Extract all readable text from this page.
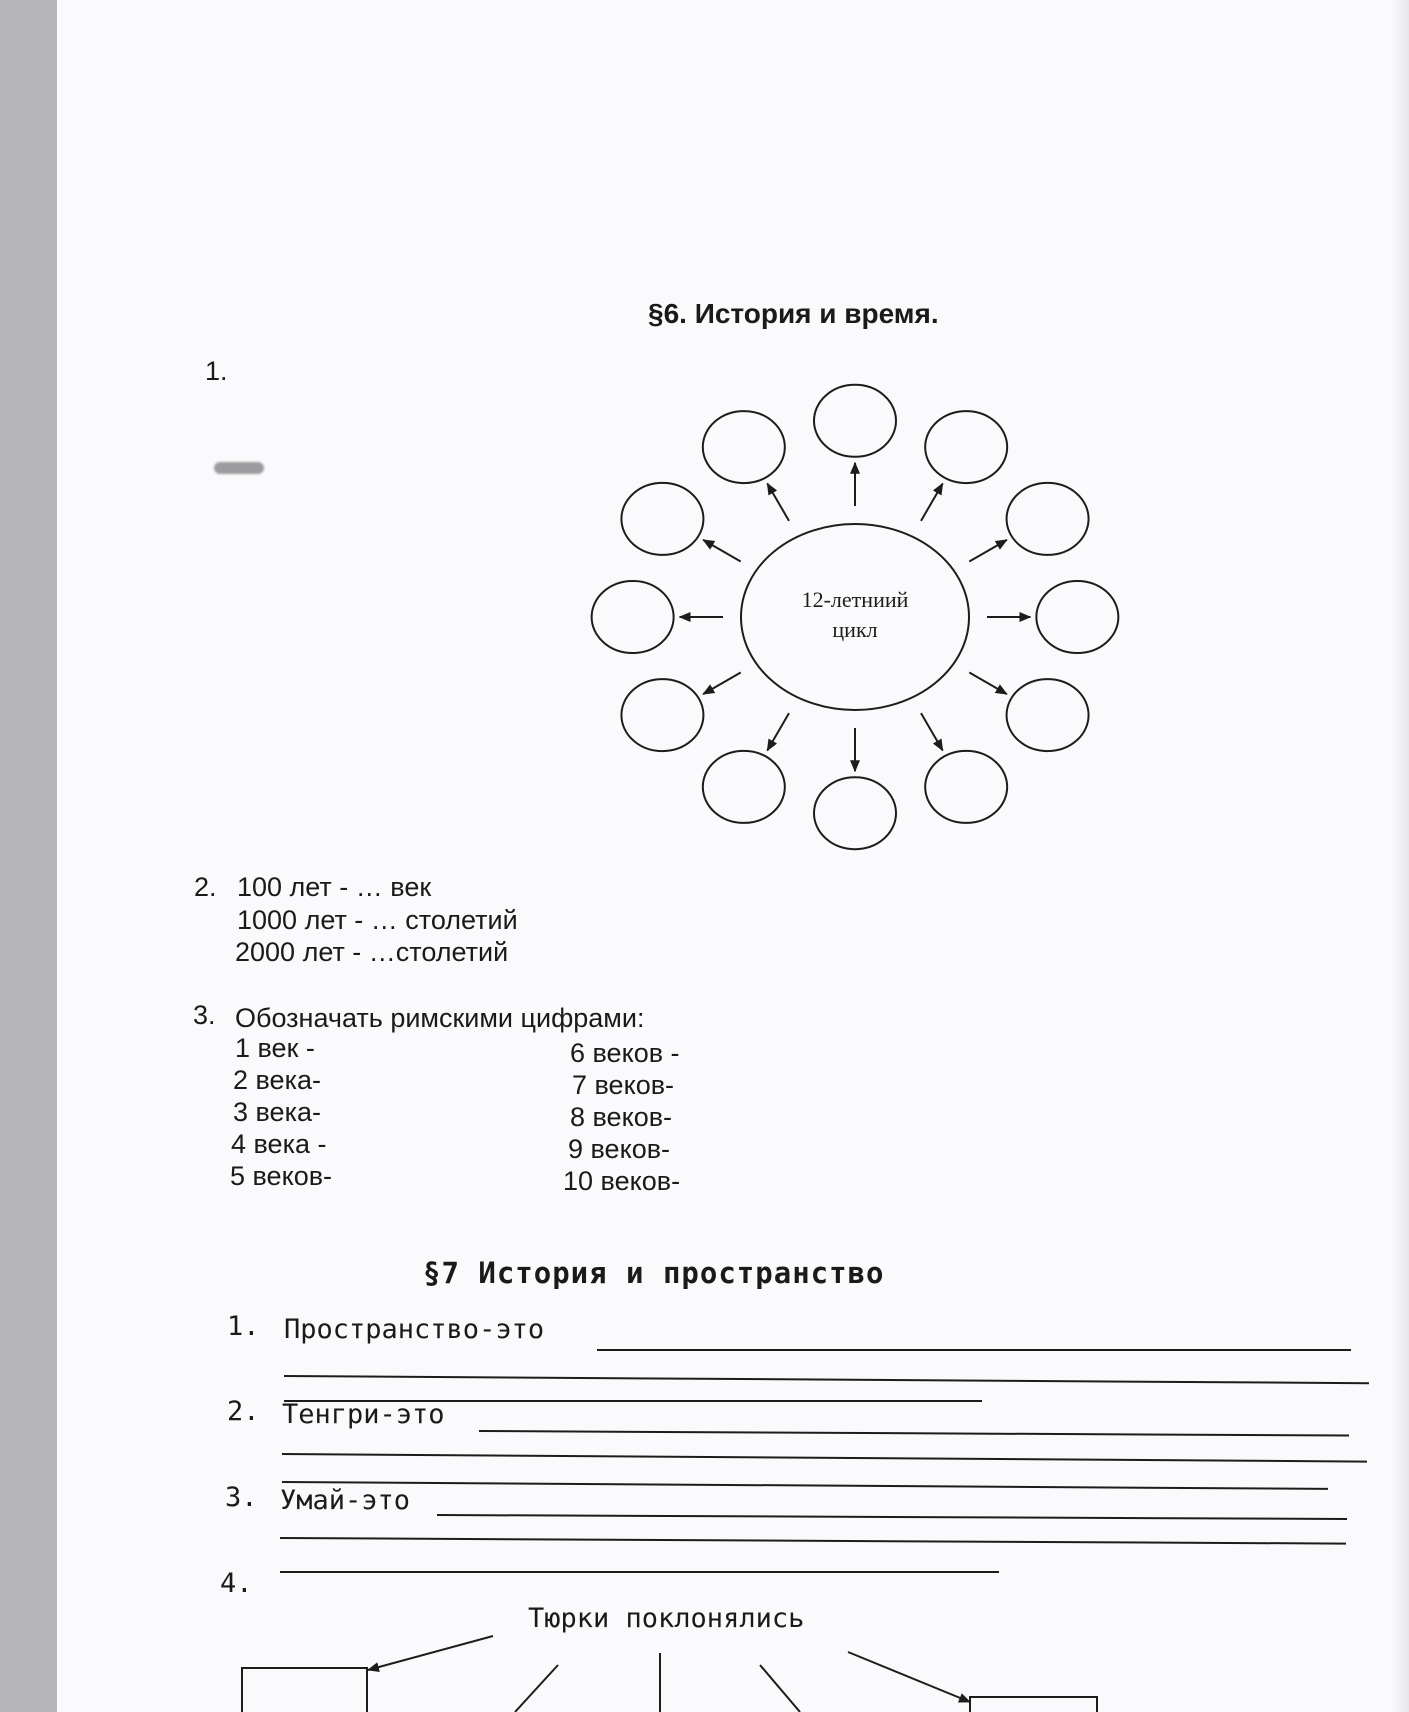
§6. История и время.
1.
12-летниий
цикл
2. 100 лет - … век
1000 лет - … столетий
2000 лет - …столетий
3. Обозначать римскими цифрами:
1 век -
2 века-
3 века-
4 века -
5 веков-
6 веков -
7 веков-
8 веков-
9 веков-
10 веков-
§7 История и пространство
1. Пространство-это
2. Тенгри-это
3. Умай-это
4.
Тюрки поклонялись
